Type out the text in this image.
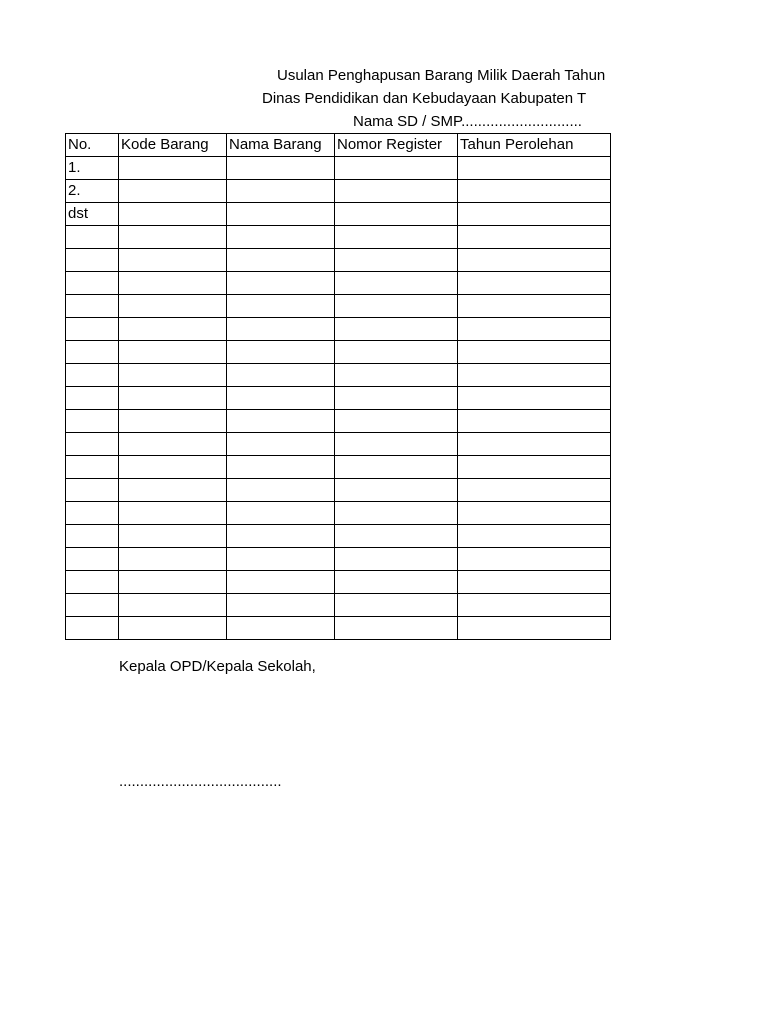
Usulan Penghapusan Barang Milik Daerah Tahun
Dinas Pendidikan dan Kebudayaan Kabupaten T
Nama SD / SMP.............................
No.	Kode Barang	Nama Barang	Nomor Register	Tahun Perolehan
1.				
2.				
dst				

Kepala OPD/Kepala Sekolah,
.......................................
